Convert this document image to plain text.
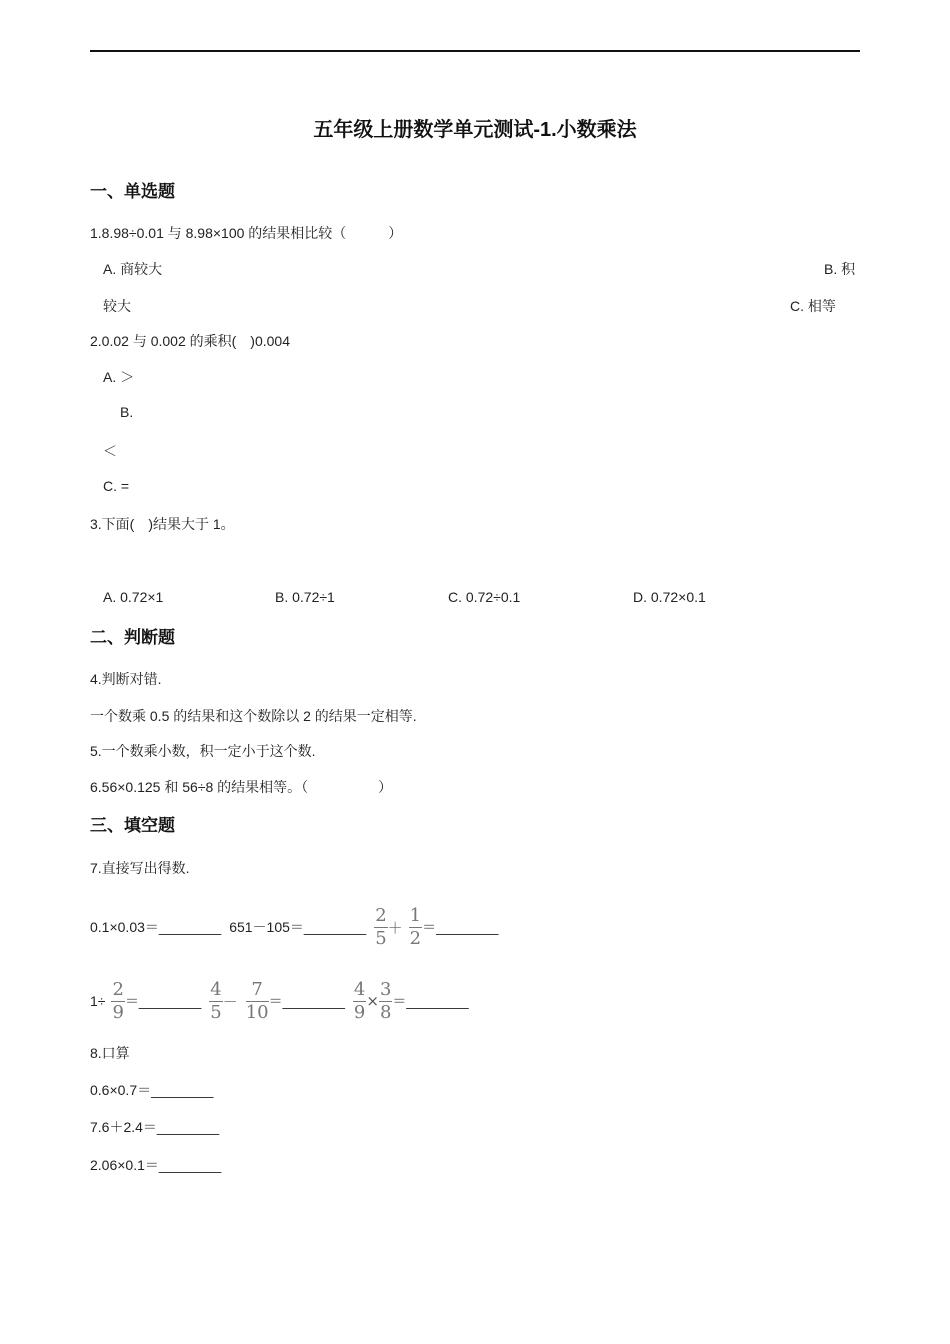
五年级上册数学单元测试-1.小数乘法
一、单选题
1.8.98÷0.01 与 8.98×100 的结果相比较（　　　）
A. 商较大	B. 积
较大	C. 相等
2.0.02 与 0.002 的乘积(　)0.004
A. ＞
B.
＜
C. =
3.下面(　)结果大于 1。
A. 0.72×1	B. 0.72÷1	C. 0.72÷0.1	D. 0.72×0.1
二、判断题
4.判断对错.
一个数乘 0.5 的结果和这个数除以 2 的结果一定相等.
5.一个数乘小数，积一定小于这个数.
6.56×0.125 和 56÷8 的结果相等。（　　　　　）
三、填空题
7.直接写出得数.
0.1×0.03＝________ 651－105＝________ $\frac{2}{5} + \frac{1}{2}$ ＝________
$1\div \frac{2}{9}$ ＝________ $\frac{4}{5} - \frac{7}{10}$ ＝________ $\frac{4}{9} \times \frac{3}{8}$ ＝________
8.口算
0.6×0.7＝________
7.6＋2.4＝________
2.06×0.1＝________
